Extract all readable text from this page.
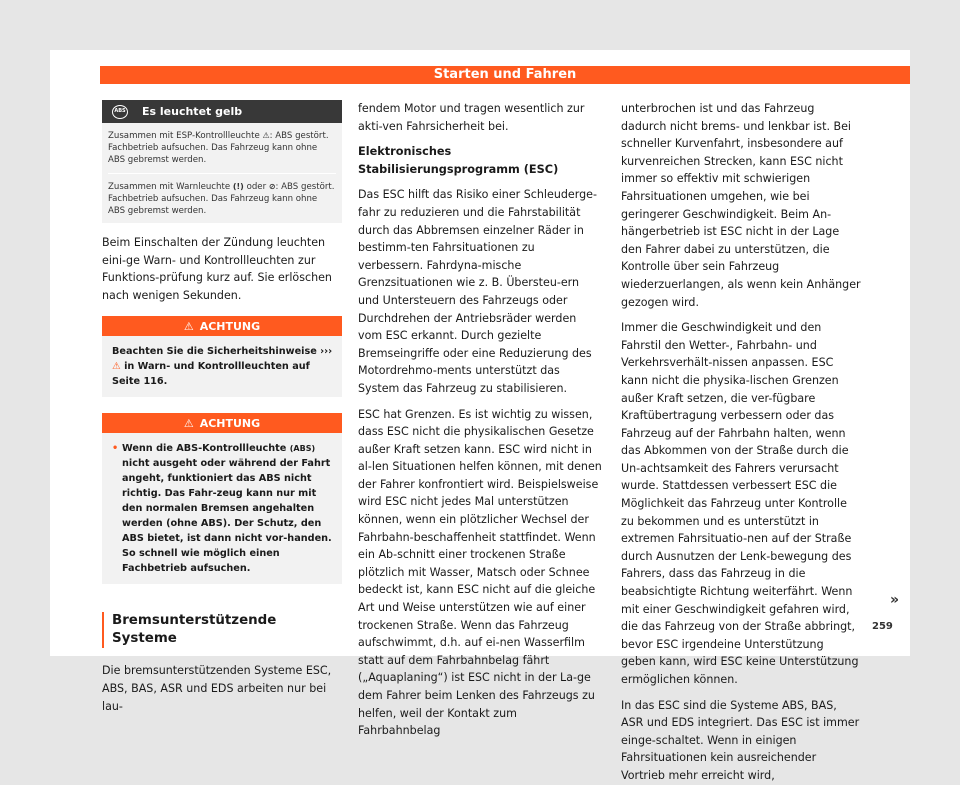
Starten und Fahren
ABS Es leuchtet gelb
Zusammen mit ESP-Kontrollleuchte ⚠: ABS gestört. Fachbetrieb aufsuchen. Das Fahrzeug kann ohne ABS gebremst werden.
Zusammen mit Warnleuchte (!) oder ⊘: ABS gestört. Fachbetrieb aufsuchen. Das Fahrzeug kann ohne ABS gebremst werden.

Beim Einschalten der Zündung leuchten eini-ge Warn- und Kontrollleuchten zur Funktions-prüfung kurz auf. Sie erlöschen nach wenigen Sekunden.

⚠ ACHTUNG
Beachten Sie die Sicherheitshinweise ››› ⚠ in Warn- und Kontrollleuchten auf Seite 116.
⚠ ACHTUNG
• Wenn die ABS-Kontrollleuchte (ABS) nicht ausgeht oder während der Fahrt angeht, funktioniert das ABS nicht richtig. Das Fahr-zeug kann nur mit den normalen Bremsen angehalten werden (ohne ABS). Der Schutz, den ABS bietet, ist dann nicht vor-handen. So schnell wie möglich einen Fachbetrieb aufsuchen.
Bremsunterstützende Systeme

Die bremsunterstützenden Systeme ESC, ABS, BAS, ASR und EDS arbeiten nur bei lau-

fendem Motor und tragen wesentlich zur akti-ven Fahrsicherheit bei.

Elektronisches Stabilisierungsprogramm (ESC)

Das ESC hilft das Risiko einer Schleuderge-fahr zu reduzieren und die Fahrstabilität durch das Abbremsen einzelner Räder in bestimm-ten Fahrsituationen zu verbessern. Fahrdyna-mische Grenzsituationen wie z. B. Überstеu-ern und Untersteuern des Fahrzeugs oder Durchdrehen der Antriebsräder werden vom ESC erkannt. Durch gezielte Bremseingriffe oder eine Reduzierung des Motordrehmo-ments unterstützt das System das Fahrzeug zu stabilisieren.

ESC hat Grenzen. Es ist wichtig zu wissen, dass ESC nicht die physikalischen Gesetze außer Kraft setzen kann. ESC wird nicht in al-len Situationen helfen können, mit denen der Fahrer konfrontiert wird. Beispielsweise wird ESC nicht jedes Mal unterstützen können, wenn ein plötzlicher Wechsel der Fahrbahn-beschaffenheit stattfindet. Wenn ein Ab-schnitt einer trockenen Straße plötzlich mit Wasser, Matsch oder Schnee bedeckt ist, kann ESC nicht auf die gleiche Art und Weise unterstützen wie auf einer trockenen Straße. Wenn das Fahrzeug aufschwimmt, d.h. auf ei-nen Wasserfilm statt auf dem Fahrbahnbelag fährt („Aquaplaning“) ist ESC nicht in der La-ge dem Fahrer beim Lenken des Fahrzeugs zu helfen, weil der Kontakt zum Fahrbahnbelag

unterbrochen ist und das Fahrzeug dadurch nicht brems- und lenkbar ist. Bei schneller Kurvenfahrt, insbesondere auf kurvenreichen Strecken, kann ESC nicht immer so effektiv mit schwierigen Fahrsituationen umgehen, wie bei geringerer Geschwindigkeit. Beim An-hängerbetrieb ist ESC nicht in der Lage den Fahrer dabei zu unterstützen, die Kontrolle über sein Fahrzeug wiederzuerlangen, als wenn kein Anhänger gezogen wird.

Immer die Geschwindigkeit und den Fahrstil den Wetter-, Fahrbahn- und Verkehrsverhält-nissen anpassen. ESC kann nicht die physika-lischen Grenzen außer Kraft setzen, die ver-fügbare Kraftübertragung verbessern oder das Fahrzeug auf der Fahrbahn halten, wenn das Abkommen von der Straße durch die Un-achtsamkeit des Fahrers verursacht wurde. Stattdessen verbessert ESC die Möglichkeit das Fahrzeug unter Kontrolle zu bekommen und es unterstützt in extremen Fahrsituatio-nen auf der Straße durch Ausnutzen der Lenk-bewegung des Fahrers, dass das Fahrzeug in die beabsichtigte Richtung weiterfährt. Wenn mit einer Geschwindigkeit gefahren wird, die das Fahrzeug von der Straße abbringt, bevor ESC irgendeine Unterstützung geben kann, wird ESC keine Unterstützung ermöglichen können.

In das ESC sind die Systeme ABS, BAS, ASR und EDS integriert. Das ESC ist immer einge-schaltet. Wenn in einigen Fahrsituationen kein ausreichender Vortrieb mehr erreicht wird,

»
259
